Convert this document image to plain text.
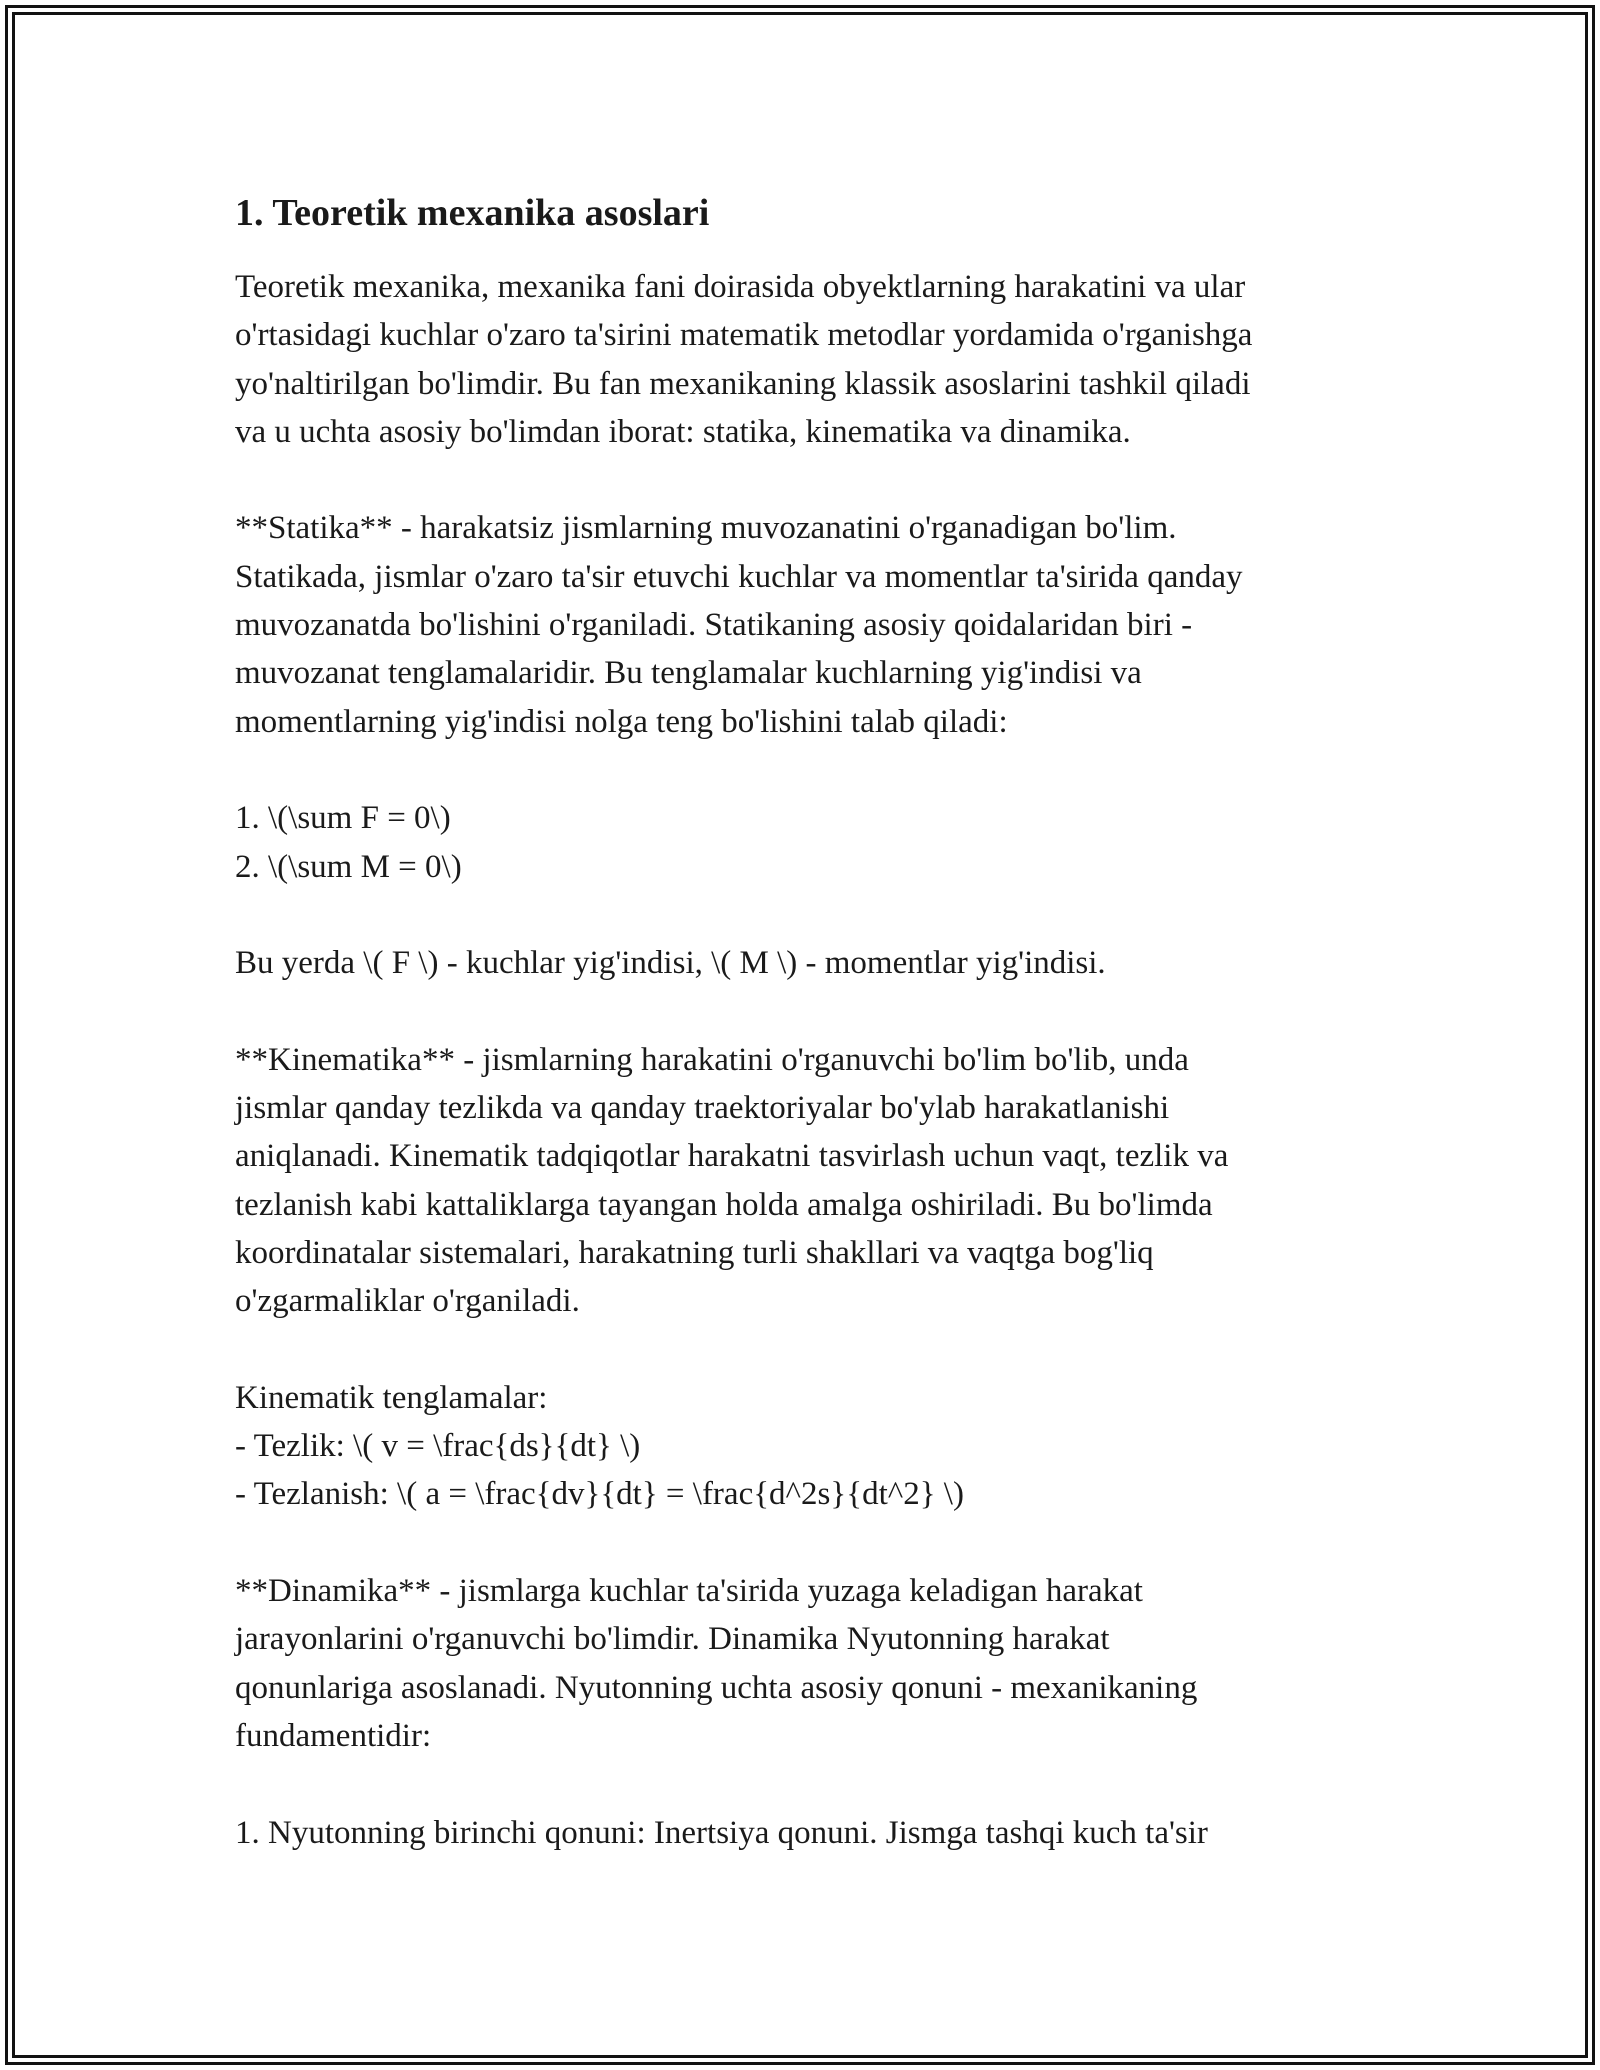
1. Teoretik mexanika asoslari

Teoretik mexanika, mexanika fani doirasida obyektlarning harakatini va ular
o'rtasidagi kuchlar o'zaro ta'sirini matematik metodlar yordamida o'rganishga
yo'naltirilgan bo'limdir. Bu fan mexanikaning klassik asoslarini tashkil qiladi
va u uchta asosiy bo'limdan iborat: statika, kinematika va dinamika.

**Statika** - harakatsiz jismlarning muvozanatini o'rganadigan bo'lim.
Statikada, jismlar o'zaro ta'sir etuvchi kuchlar va momentlar ta'sirida qanday
muvozanatda bo'lishini o'rganiladi. Statikaning asosiy qoidalaridan biri -
muvozanat tenglamalaridir. Bu tenglamalar kuchlarning yig'indisi va
momentlarning yig'indisi nolga teng bo'lishini talab qiladi:

1. \(\sum F = 0\)
2. \(\sum M = 0\)

Bu yerda \( F \) - kuchlar yig'indisi, \( M \) - momentlar yig'indisi.

**Kinematika** - jismlarning harakatini o'rganuvchi bo'lim bo'lib, unda
jismlar qanday tezlikda va qanday traektoriyalar bo'ylab harakatlanishi
aniqlanadi. Kinematik tadqiqotlar harakatni tasvirlash uchun vaqt, tezlik va
tezlanish kabi kattaliklarga tayangan holda amalga oshiriladi. Bu bo'limda
koordinatalar sistemalari, harakatning turli shakllari va vaqtga bog'liq
o'zgarmaliklar o'rganiladi.

Kinematik tenglamalar:
- Tezlik: \( v = \frac{ds}{dt} \)
- Tezlanish: \( a = \frac{dv}{dt} = \frac{d^2s}{dt^2} \)

**Dinamika** - jismlarga kuchlar ta'sirida yuzaga keladigan harakat
jarayonlarini o'rganuvchi bo'limdir. Dinamika Nyutonning harakat
qonunlariga asoslanadi. Nyutonning uchta asosiy qonuni - mexanikaning
fundamentidir:

1. Nyutonning birinchi qonuni: Inertsiya qonuni. Jismga tashqi kuch ta'sir
